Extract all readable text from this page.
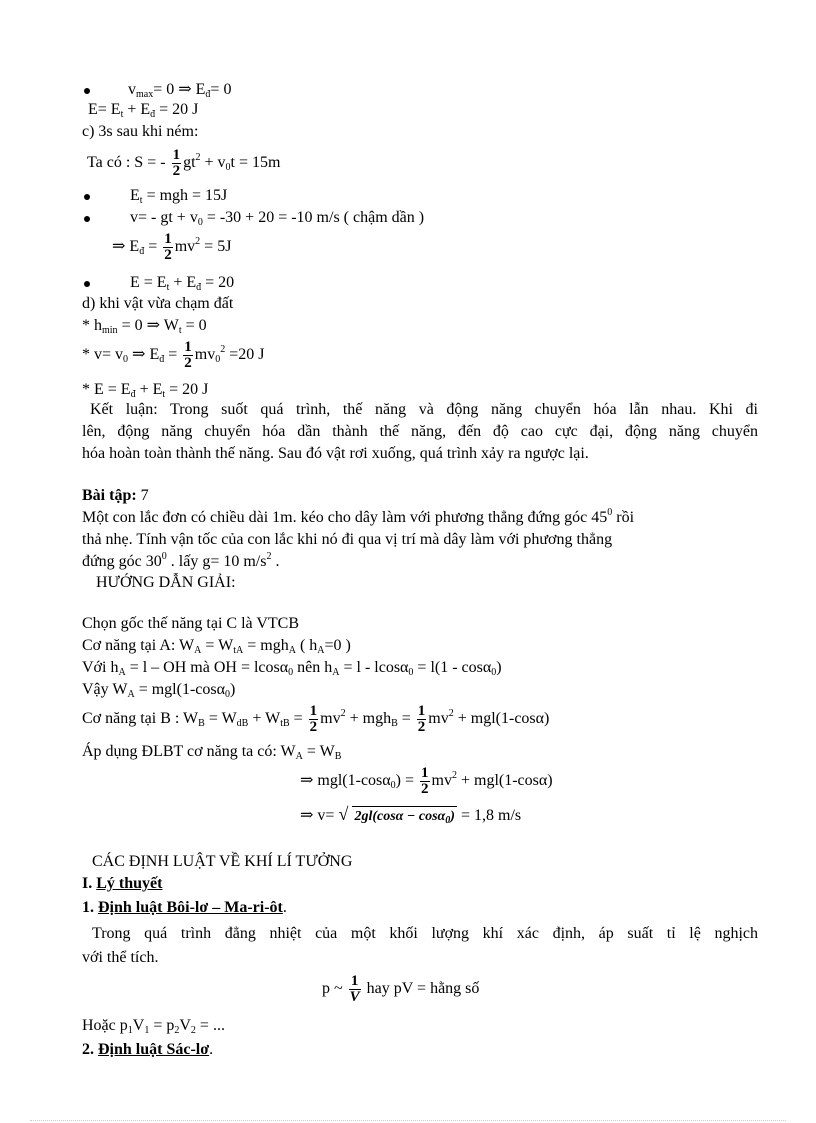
$v_{max}= 0$ ⇒ $E_đ= 0$
$E= E_t + E_đ = 20$ J
c) 3s sau khi ném:
Ta có : S = - $\frac{1}{2} gt^2 + v_0t = 15m$
$E_t$ = mgh = 15J
v= - gt + $v_0 = -30 + 20 = -10$ m/s ( chậm dần )
⇒ $E_đ = \frac{1}{2} mv^2 = 5J$
$E = E_t + E_đ = 20$
d) khi vật vừa chạm đất
* $h_{min} = 0$ ⇒ $W_t = 0$
* $v= v_0$ ⇒ $E_đ = \frac{1}{2} mv_0^2 =20$ J
* $E = E_đ + E_t = 20$ J
Kết luận: Trong suốt quá trình, thế năng và động năng chuyển hóa lẫn nhau. Khi đi
lên, động năng chuyển hóa dần thành thế năng, đến độ cao cực đại, động năng chuyển
hóa hoàn toàn thành thế năng. Sau đó vật rơi xuống, quá trình xảy ra ngược lại.
Bài tập: 7
Một con lắc đơn có chiều dài 1m. kéo cho dây làm với phương thẳng đứng góc $45^0$ rồi
thả nhẹ. Tính vận tốc của con lắc khi nó đi qua vị trí mà dây làm với phương thẳng
đứng góc $30^0$ . lấy g= 10 $m/s^2$ .
HƯỚNG DẪN GIẢI:
Chọn gốc thế năng tại C là VTCB
Cơ năng tại A: $W_A = W_{tA} = mgh_A$ ( $h_A=0$ )
Với $h_A = l$ – OH mà OH = lcosα$_0$ nên $h_A = l - lcos\alpha_0 = l(1 - \cos\alpha_0)$
Vậy $W_A = mgl(1-\cos\alpha_0)$
Cơ năng tại B : $W_B = W_{dB} + W_{tB} = \frac{1}{2} mv^2 + mgh_B = \frac{1}{2} mv^2 + mgl(1-\cos\alpha)$
Áp dụng ĐLBT cơ năng ta có: $W_A = W_B$
⇒ $mgl(1-\cos\alpha_0) = \frac{1}{2} mv^2 + mgl(1-\cos\alpha)$
⇒ v= √ 2gl(cosα − cosα$_0$) = 1,8 m/s
CÁC ĐỊNH LUẬT VỀ KHÍ LÍ TƯỞNG
I. Lý thuyết
1. Định luật Bôi-lơ – Ma-ri-ôt.
Trong quá trình đẳng nhiệt của một khối lượng khí xác định, áp suất tỉ lệ nghịch
với thể tích.
p ~ $\frac{1}{V}$ hay pV = hằng số
Hoặc $p_1V_1 = p_2V_2$ = ...
2. Định luật Sác-lơ.
